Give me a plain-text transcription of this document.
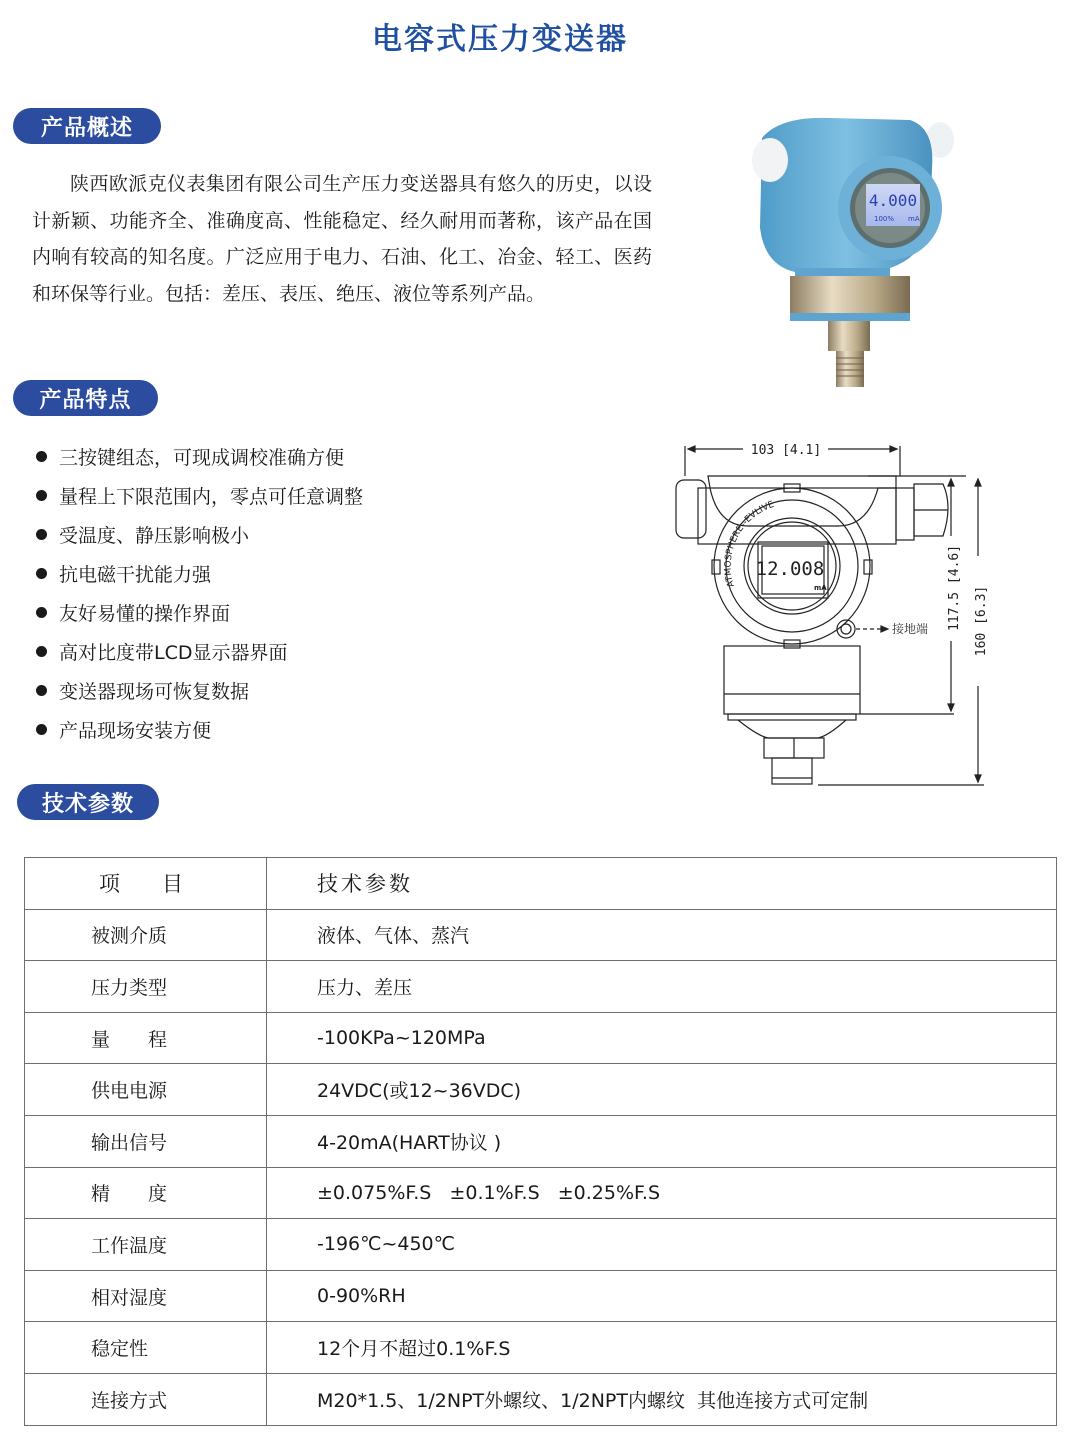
电容式压力变送器
产品概述

陕西欧派克仪表集团有限公司生产压力变送器具有悠久的历史，以设计新颖、功能齐全、准确度高、性能稳定、经久耐用而著称，该产品在国内响有较高的知名度。广泛应用于电力、石油、化工、冶金、轻工、医药和环保等行业。包括：差压、表压、绝压、液位等系列产品。

4.000
100% mA
产品特点
三按键组态，可现成调校准确方便
量程上下限范围内，零点可任意调整
受温度、静压影响极小
抗电磁干扰能力强
友好易懂的操作界面
高对比度带LCD显示器界面
变送器现场可恢复数据
产品现场安装方便
103 [4.1]
12.008
mA
ATMOSPHERE--EVLIVE
接地端 117.5 [4.6] 160 [6.3]
技术参数
项　　目	技术参数
被测介质	液体、气体、蒸汽
压力类型	压力、差压
量　　程	-100KPa~120MPa
供电电源	24VDC(或12~36VDC)
输出信号	4-20mA(HART协议 )
精　　度	±0.075%F.S   ±0.1%F.S   ±0.25%F.S
工作温度	-196℃~450℃
相对湿度	0-90%RH
稳定性	12个月不超过0.1%F.S
连接方式	M20*1.5、1/2NPT外螺纹、1/2NPT内螺纹  其他连接方式可定制
